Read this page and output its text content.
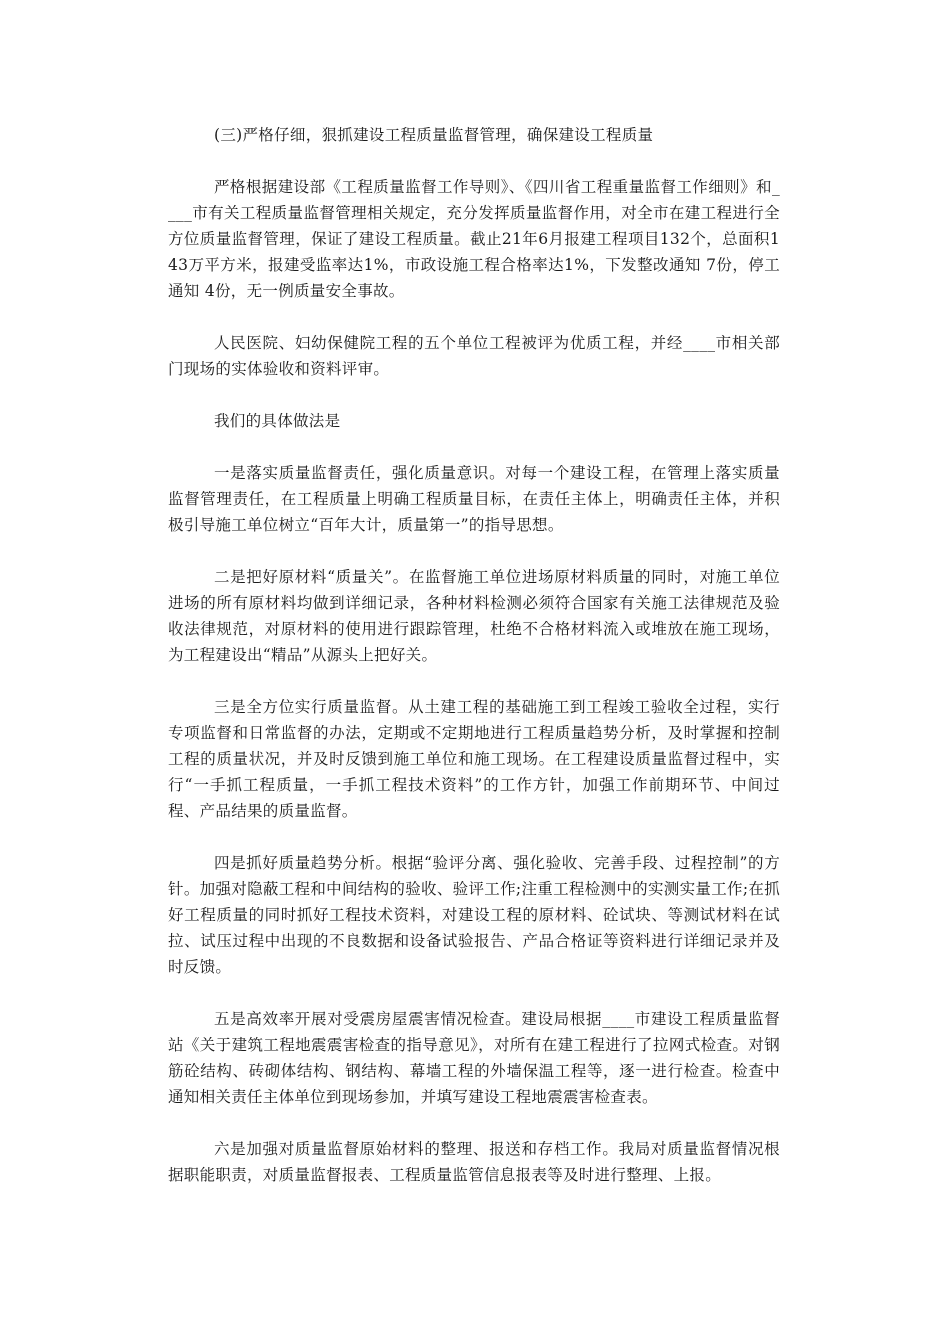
(三)严格仔细，狠抓建设工程质量监督管理，确保建设工程质量

严格根据建设部《工程质量监督工作导则》、《四川省工程重量监督工作细则》和____市有关工程质量监督管理相关规定，充分发挥质量监督作用，对全市在建工程进行全方位质量监督管理，保证了建设工程质量。截止21年6月报建工程项目132个，总面积143万平方米，报建受监率达1%，市政设施工程合格率达1%，下发整改通知 7份，停工通知 4份，无一例质量安全事故。

人民医院、妇幼保健院工程的五个单位工程被评为优质工程，并经____市相关部门现场的实体验收和资料评审。

我们的具体做法是

一是落实质量监督责任，强化质量意识。对每一个建设工程，在管理上落实质量监督管理责任，在工程质量上明确工程质量目标，在责任主体上，明确责任主体，并积极引导施工单位树立“百年大计，质量第一”的指导思想。

二是把好原材料“质量关”。在监督施工单位进场原材料质量的同时，对施工单位进场的所有原材料均做到详细记录，各种材料检测必须符合国家有关施工法律规范及验收法律规范，对原材料的使用进行跟踪管理，杜绝不合格材料流入或堆放在施工现场，为工程建设出“精品”从源头上把好关。

三是全方位实行质量监督。从土建工程的基础施工到工程竣工验收全过程，实行专项监督和日常监督的办法，定期或不定期地进行工程质量趋势分析，及时掌握和控制工程的质量状况，并及时反馈到施工单位和施工现场。在工程建设质量监督过程中，实行“一手抓工程质量，一手抓工程技术资料”的工作方针，加强工作前期环节、中间过程、产品结果的质量监督。

四是抓好质量趋势分析。根据“验评分离、强化验收、完善手段、过程控制”的方针。加强对隐蔽工程和中间结构的验收、验评工作;注重工程检测中的实测实量工作;在抓好工程质量的同时抓好工程技术资料，对建设工程的原材料、砼试块、等测试材料在试拉、试压过程中出现的不良数据和设备试验报告、产品合格证等资料进行详细记录并及时反馈。

五是高效率开展对受震房屋震害情况检查。建设局根据____市建设工程质量监督站《关于建筑工程地震震害检查的指导意见》，对所有在建工程进行了拉网式检查。对钢筋砼结构、砖砌体结构、钢结构、幕墙工程的外墙保温工程等，逐一进行检查。检查中通知相关责任主体单位到现场参加，并填写建设工程地震震害检查表。

六是加强对质量监督原始材料的整理、报送和存档工作。我局对质量监督情况根据职能职责，对质量监督报表、工程质量监管信息报表等及时进行整理、上报。
